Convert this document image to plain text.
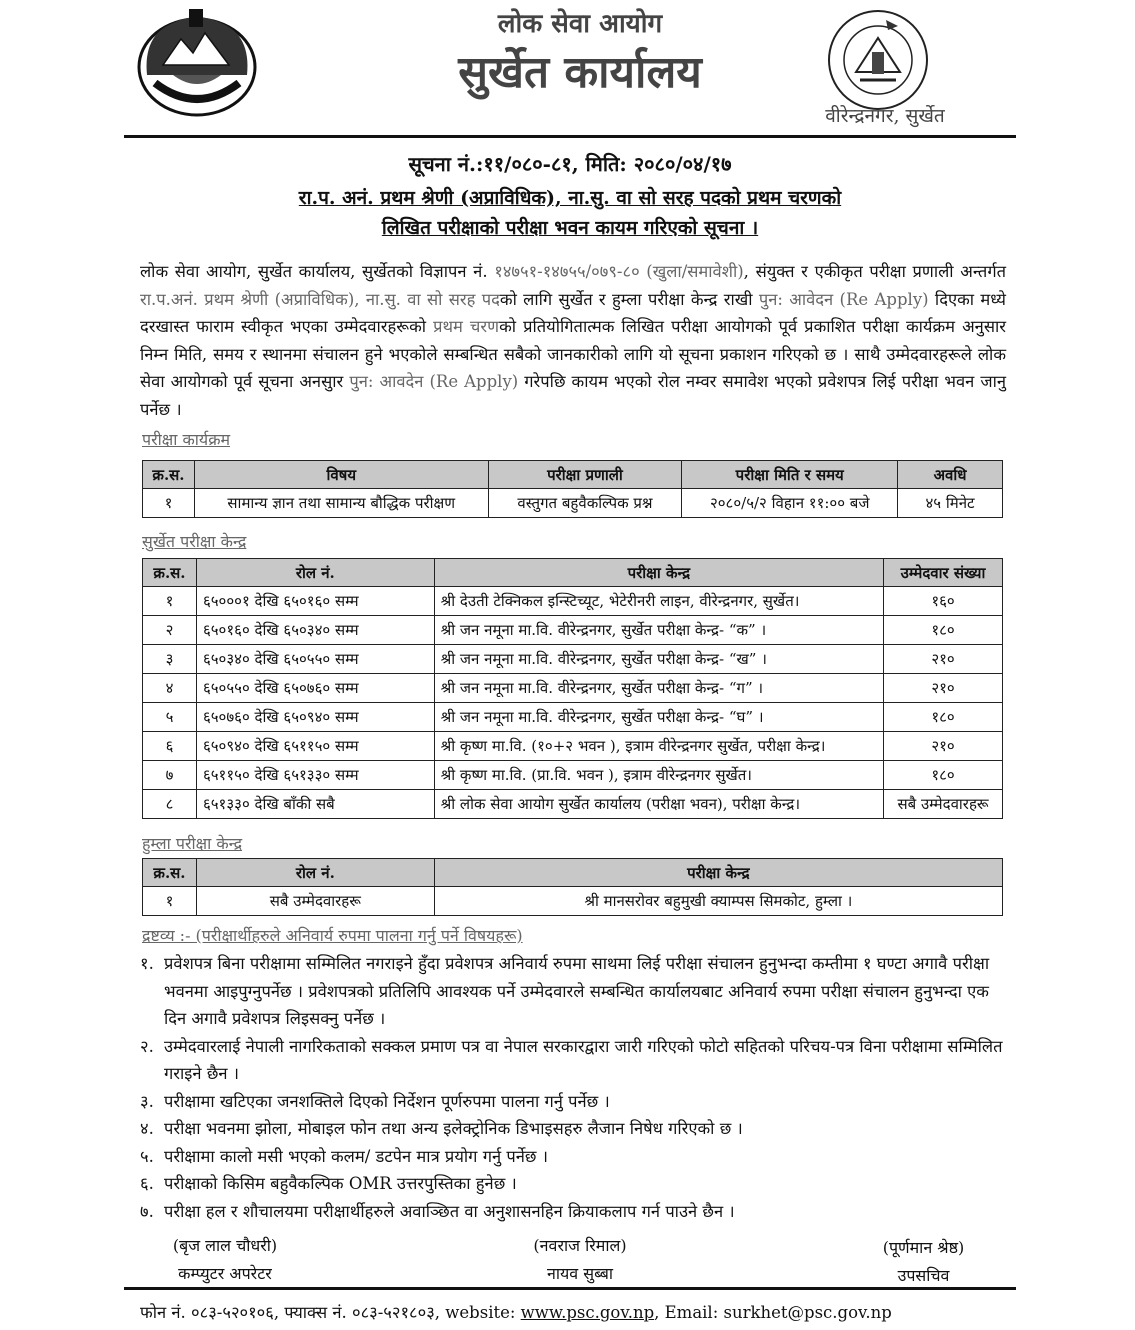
लोक सेवा आयोग
सुर्खेत कार्यालय
वीरेन्द्रनगर, सुर्खेत
सूचना नं.:११/०८०-८१, मिति: २०८०/०४/१७
रा.प. अनं. प्रथम श्रेणी (अप्राविधिक), ना.सु. वा सो सरह पदको प्रथम चरणको
लिखित परीक्षाको परीक्षा भवन कायम गरिएको सूचना ।
लोक सेवा आयोग, सुर्खेत कार्यालय, सुर्खेतको विज्ञापन नं. १४७५१-१४७५५/०७९-८० (खुला/समावेशी), संयुक्त र एकीकृत परीक्षा प्रणाली अन्तर्गत रा.प.अनं. प्रथम श्रेणी (अप्राविधिक), ना.सु. वा सो सरह पदको लागि सुर्खेत र हुम्ला परीक्षा केन्द्र राखी पुन: आवेदन (Re Apply) दिएका मध्ये दरखास्त फाराम स्वीकृत भएका उम्मेदवारहरूको प्रथम चरणको प्रतियोगितात्मक लिखित परीक्षा आयोगको पूर्व प्रकाशित परीक्षा कार्यक्रम अनुसार निम्न मिति, समय र स्थानमा संचालन हुने भएकोले सम्बन्धित सबैको जानकारीको लागि यो सूचना प्रकाशन गरिएको छ । साथै उम्मेदवारहरूले लोक सेवा आयोगको पूर्व सूचना अनसुार पुन: आवदेन (Re Apply) गरेपछि कायम भएको रोल नम्वर समावेश भएको प्रवेशपत्र लिई परीक्षा भवन जानु पर्नेछ ।
परीक्षा कार्यक्रम
क्र.स.	विषय	परीक्षा प्रणाली	परीक्षा मिति र समय	अवधि
१	सामान्य ज्ञान तथा सामान्य बौद्धिक परीक्षण	वस्तुगत बहुवैकल्पिक प्रश्न	२०८०/५/२ विहान ११:०० बजे	४५ मिनेट
सुर्खेत परीक्षा केन्द्र
क्र.स.	रोल नं.	परीक्षा केन्द्र	उम्मेदवार संख्या
१	६५०००१ देखि ६५०१६० सम्म	श्री देउती टेक्निकल इन्स्टिच्यूट, भेटेरीनरी लाइन, वीरेन्द्रनगर, सुर्खेत।	१६०
२	६५०१६० देखि ६५०३४० सम्म	श्री जन नमूना मा.वि. वीरेन्द्रनगर, सुर्खेत परीक्षा केन्द्र- “क” ।	१८०
३	६५०३४० देखि ६५०५५० सम्म	श्री जन नमूना मा.वि. वीरेन्द्रनगर, सुर्खेत परीक्षा केन्द्र- “ख” ।	२१०
४	६५०५५० देखि ६५०७६० सम्म	श्री जन नमूना मा.वि. वीरेन्द्रनगर, सुर्खेत परीक्षा केन्द्र- “ग” ।	२१०
५	६५०७६० देखि ६५०९४० सम्म	श्री जन नमूना मा.वि. वीरेन्द्रनगर, सुर्खेत परीक्षा केन्द्र- “घ” ।	१८०
६	६५०९४० देखि ६५११५० सम्म	श्री कृष्ण मा.वि. (१०+२ भवन ), इत्राम वीरेन्द्रनगर सुर्खेत, परीक्षा केन्द्र।	२१०
७	६५११५० देखि ६५१३३० सम्म	श्री कृष्ण मा.वि. (प्रा.वि. भवन ), इत्राम वीरेन्द्रनगर सुर्खेत।	१८०
८	६५१३३० देखि बाँकी सबै	श्री लोक सेवा आयोग सुर्खेत कार्यालय (परीक्षा भवन), परीक्षा केन्द्र।	सबै उम्मेदवारहरू
हुम्ला परीक्षा केन्द्र
क्र.स.	रोल नं.	परीक्षा केन्द्र
१	सबै उम्मेदवारहरू	श्री मानसरोवर बहुमुखी क्याम्पस सिमकोट, हुम्ला ।
द्रष्टव्य :- (परीक्षार्थीहरुले अनिवार्य रुपमा पालना गर्नु पर्ने विषयहरू)
१. प्रवेशपत्र बिना परीक्षामा सम्मिलित नगराइने हुँदा प्रवेशपत्र अनिवार्य रुपमा साथमा लिई परीक्षा संचालन हुनुभन्दा कम्तीमा १ घण्टा अगावै परीक्षा भवनमा आइपुग्नुपर्नेछ । प्रवेशपत्रको प्रतिलिपि आवश्यक पर्ने उम्मेदवारले सम्बन्धित कार्यालयबाट अनिवार्य रुपमा परीक्षा संचालन हुनुभन्दा एक दिन अगावै प्रवेशपत्र लिइसक्नु पर्नेछ ।
२. उम्मेदवारलाई नेपाली नागरिकताको सक्कल प्रमाण पत्र वा नेपाल सरकारद्वारा जारी गरिएको फोटो सहितको परिचय-पत्र विना परीक्षामा सम्मिलित गराइने छैन ।
३. परीक्षामा खटिएका जनशक्तिले दिएको निर्देशन पूर्णरुपमा पालना गर्नु पर्नेछ ।
४. परीक्षा भवनमा झोला, मोबाइल फोन तथा अन्य इलेक्ट्रोनिक डिभाइसहरु लैजान निषेध गरिएको छ ।
५. परीक्षामा कालो मसी भएको कलम/ डटपेन मात्र प्रयोग गर्नु पर्नेछ ।
६. परीक्षाको किसिम बहुवैकल्पिक OMR उत्तरपुस्तिका हुनेछ ।
७. परीक्षा हल र शौचालयमा परीक्षार्थीहरुले अवाञ्छित वा अनुशासनहिन क्रियाकलाप गर्न पाउने छैन ।
(बृज लाल चौधरी)
कम्प्युटर अपरेटर
(नवराज रिमाल)
नायव सुब्बा
(पूर्णमान श्रेष्ठ)
उपसचिव
फोन नं. ०८३-५२०१०६, फ्याक्स नं. ०८३-५२१८०३, website: www.psc.gov.np, Email: surkhet@psc.gov.np
